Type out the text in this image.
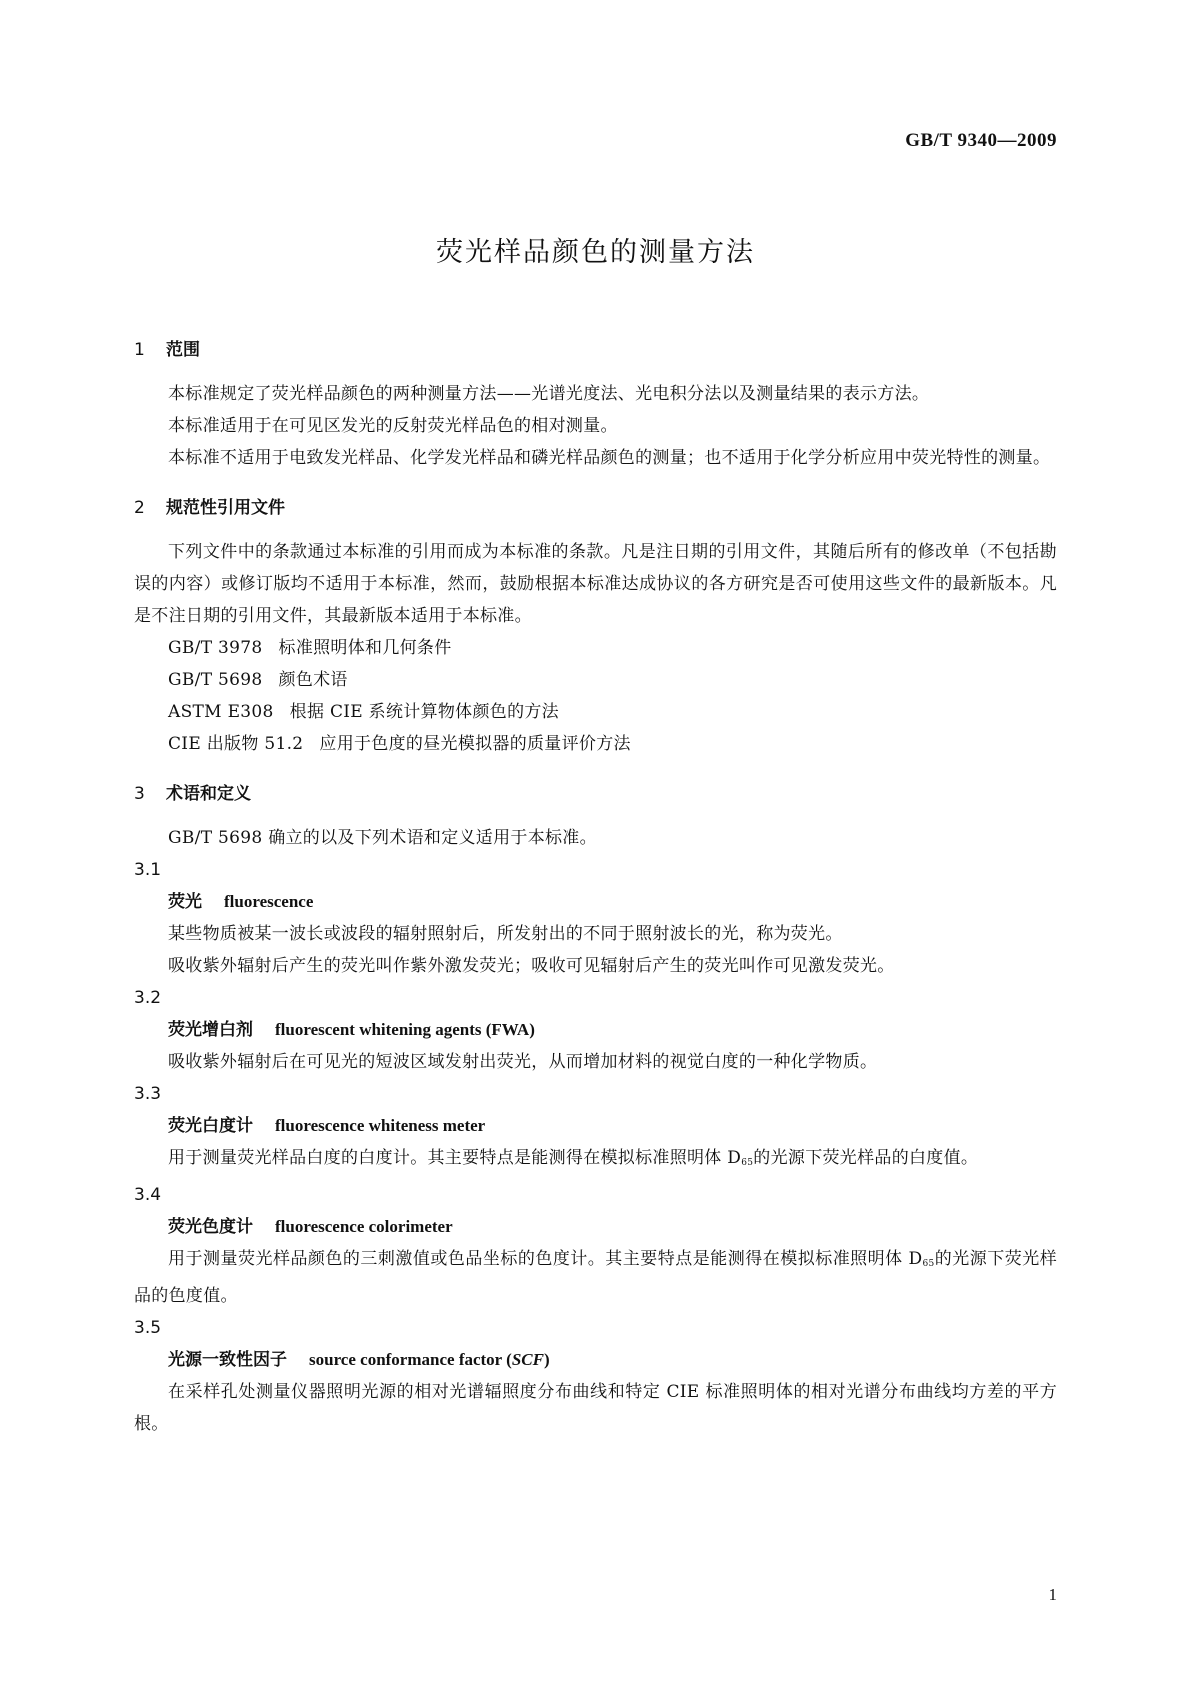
GB/T 9340—2009
荧光样品颜色的测量方法
1 范围

本标准规定了荧光样品颜色的两种测量方法——光谱光度法、光电积分法以及测量结果的表示方法。

本标准适用于在可见区发光的反射荧光样品色的相对测量。

本标准不适用于电致发光样品、化学发光样品和磷光样品颜色的测量；也不适用于化学分析应用中荧光特性的测量。

2 规范性引用文件

下列文件中的条款通过本标准的引用而成为本标准的条款。凡是注日期的引用文件，其随后所有的修改单（不包括勘误的内容）或修订版均不适用于本标准，然而，鼓励根据本标准达成协议的各方研究是否可使用这些文件的最新版本。凡是不注日期的引用文件，其最新版本适用于本标准。

GB/T 3978 标准照明体和几何条件

GB/T 5698 颜色术语

ASTM E308 根据 CIE 系统计算物体颜色的方法

CIE 出版物 51.2 应用于色度的昼光模拟器的质量评价方法

3 术语和定义

GB/T 5698 确立的以及下列术语和定义适用于本标准。

3.1

荧光 fluorescence

某些物质被某一波长或波段的辐射照射后，所发射出的不同于照射波长的光，称为荧光。

吸收紫外辐射后产生的荧光叫作紫外激发荧光；吸收可见辐射后产生的荧光叫作可见激发荧光。

3.2

荧光增白剂 fluorescent whitening agents (FWA)

吸收紫外辐射后在可见光的短波区域发射出荧光，从而增加材料的视觉白度的一种化学物质。

3.3

荧光白度计 fluorescence whiteness meter

用于测量荧光样品白度的白度计。其主要特点是能测得在模拟标准照明体 $D_{65}$的光源下荧光样品的白度值。

3.4

荧光色度计 fluorescence colorimeter

用于测量荧光样品颜色的三刺激值或色品坐标的色度计。其主要特点是能测得在模拟标准照明体 $D_{65}$的光源下荧光样品的色度值。

3.5

光源一致性因子 source conformance factor (SCF)

在采样孔处测量仪器照明光源的相对光谱辐照度分布曲线和特定 CIE 标准照明体的相对光谱分布曲线均方差的平方根。

1
